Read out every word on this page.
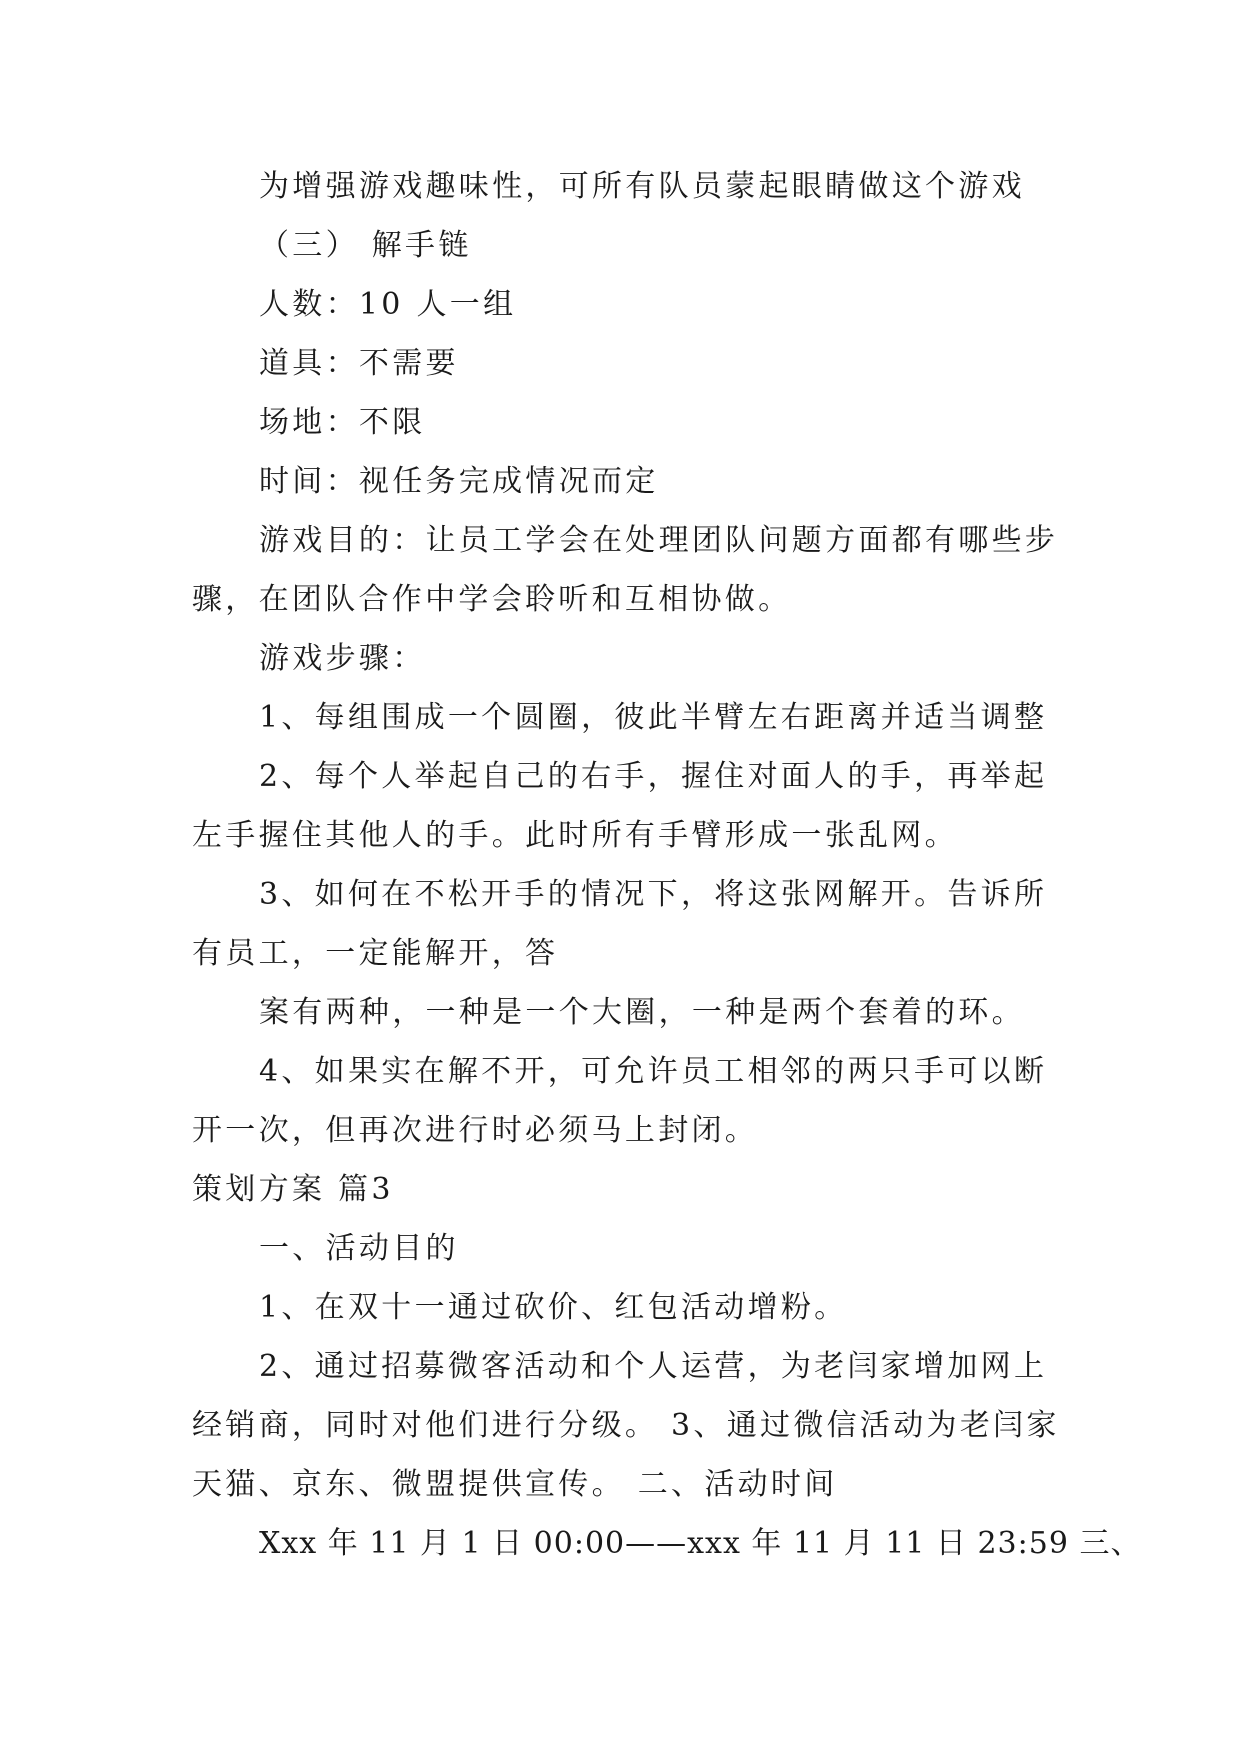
为增强游戏趣味性，可所有队员蒙起眼睛做这个游戏
（三） 解手链
人数：10 人一组
道具：不需要
场地：不限
时间：视任务完成情况而定
游戏目的：让员工学会在处理团队问题方面都有哪些步
骤，在团队合作中学会聆听和互相协做。
游戏步骤：
1、每组围成一个圆圈，彼此半臂左右距离并适当调整
2、每个人举起自己的右手，握住对面人的手，再举起
左手握住其他人的手。此时所有手臂形成一张乱网。
3、如何在不松开手的情况下，将这张网解开。告诉所
有员工，一定能解开，答
案有两种，一种是一个大圈，一种是两个套着的环。
4、如果实在解不开，可允许员工相邻的两只手可以断
开一次，但再次进行时必须马上封闭。
策划方案 篇3
一、活动目的
1、在双十一通过砍价、红包活动增粉。
2、通过招募微客活动和个人运营，为老闫家增加网上
经销商，同时对他们进行分级。 3、通过微信活动为老闫家
天猫、京东、微盟提供宣传。 二、活动时间
Xxx 年 11 月 1 日 00:00——xxx 年 11 月 11 日 23:59 三、
